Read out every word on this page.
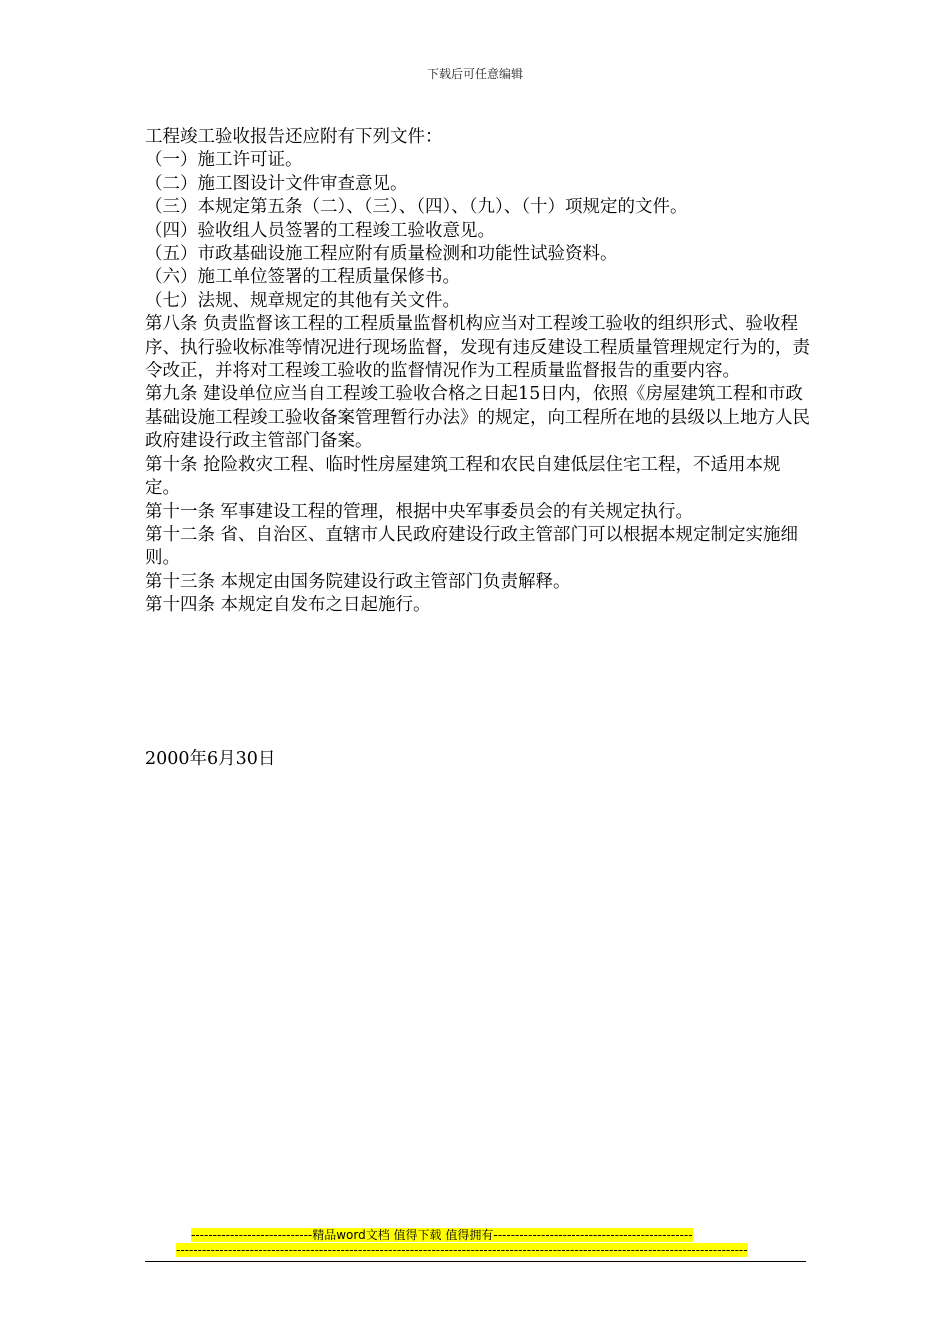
下载后可任意编辑

工程竣工验收报告还应附有下列文件：

（一）施工许可证。

（二）施工图设计文件审查意见。

（三）本规定第五条（二）、（三）、（四）、（九）、（十）项规定的文件。

（四）验收组人员签署的工程竣工验收意见。

（五）市政基础设施工程应附有质量检测和功能性试验资料。

（六）施工单位签署的工程质量保修书。

（七）法规、规章规定的其他有关文件。

第八条 负责监督该工程的工程质量监督机构应当对工程竣工验收的组织形式、验收程序、执行验收标准等情况进行现场监督，发现有违反建设工程质量管理规定行为的，责令改正，并将对工程竣工验收的监督情况作为工程质量监督报告的重要内容。

第九条 建设单位应当自工程竣工验收合格之日起15日内，依照《房屋建筑工程和市政基础设施工程竣工验收备案管理暂行办法》的规定，向工程所在地的县级以上地方人民政府建设行政主管部门备案。

第十条 抢险救灾工程、临时性房屋建筑工程和农民自建低层住宅工程，不适用本规定。

第十一条 军事建设工程的管理，根据中央军事委员会的有关规定执行。

第十二条 省、自治区、直辖市人民政府建设行政主管部门可以根据本规定制定实施细则。

第十三条 本规定由国务院建设行政主管部门负责解释。

第十四条 本规定自发布之日起施行。

2000年6月30日
----------------------------精品word文档 值得下载 值得拥有----------------------------------------------
------------------------------------------------------------------------------------------------------------------------------------
